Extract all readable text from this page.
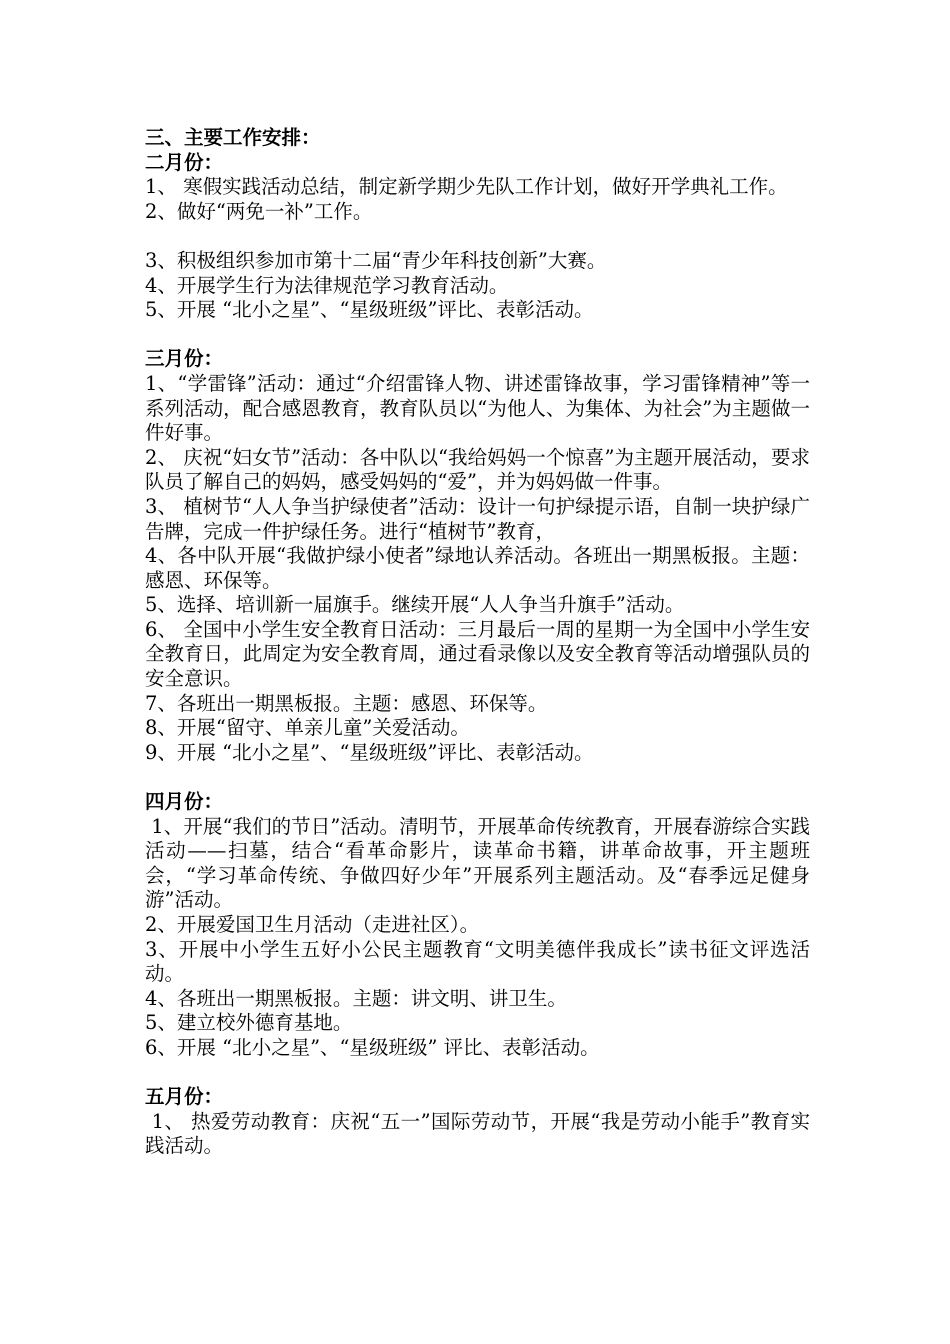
三、主要工作安排：

二月份：

1、 寒假实践活动总结，制定新学期少先队工作计划，做好开学典礼工作。

2、做好“两免一补”工作。

3、积极组织参加市第十二届“青少年科技创新”大赛。

4、开展学生行为法律规范学习教育活动。

5、开展 “北小之星”、“星级班级”评比、表彰活动。

三月份：

1、“学雷锋”活动：通过“介绍雷锋人物、讲述雷锋故事，学习雷锋精神”等一系列活动，配合感恩教育，教育队员以“为他人、为集体、为社会”为主题做一件好事。

2、 庆祝“妇女节”活动：各中队以“我给妈妈一个惊喜”为主题开展活动，要求队员了解自己的妈妈，感受妈妈的“爱”，并为妈妈做一件事。

3、 植树节“人人争当护绿使者”活动：设计一句护绿提示语，自制一块护绿广告牌，完成一件护绿任务。进行“植树节”教育，

4、各中队开展“我做护绿小使者”绿地认养活动。各班出一期黑板报。主题：感恩、环保等。

5、选择、培训新一届旗手。继续开展“人人争当升旗手”活动。

6、 全国中小学生安全教育日活动：三月最后一周的星期一为全国中小学生安全教育日，此周定为安全教育周，通过看录像以及安全教育等活动增强队员的安全意识。

7、各班出一期黑板报。主题：感恩、环保等。

8、开展“留守、单亲儿童”关爱活动。

9、开展 “北小之星”、“星级班级”评比、表彰活动。

四月份：

1、开展“我们的节日”活动。清明节，开展革命传统教育，开展春游综合实践活动——扫墓，结合“看革命影片，读革命书籍，讲革命故事，开主题班会，“学习革命传统、争做四好少年”开展系列主题活动。及“春季远足健身游”活动。

2、开展爱国卫生月活动（走进社区）。

3、开展中小学生五好小公民主题教育“文明美德伴我成长”读书征文评选活动。

4、各班出一期黑板报。主题：讲文明、讲卫生。

5、建立校外德育基地。

6、开展 “北小之星”、“星级班级” 评比、表彰活动。

五月份：

1、 热爱劳动教育：庆祝“五一”国际劳动节，开展“我是劳动小能手”教育实践活动。
